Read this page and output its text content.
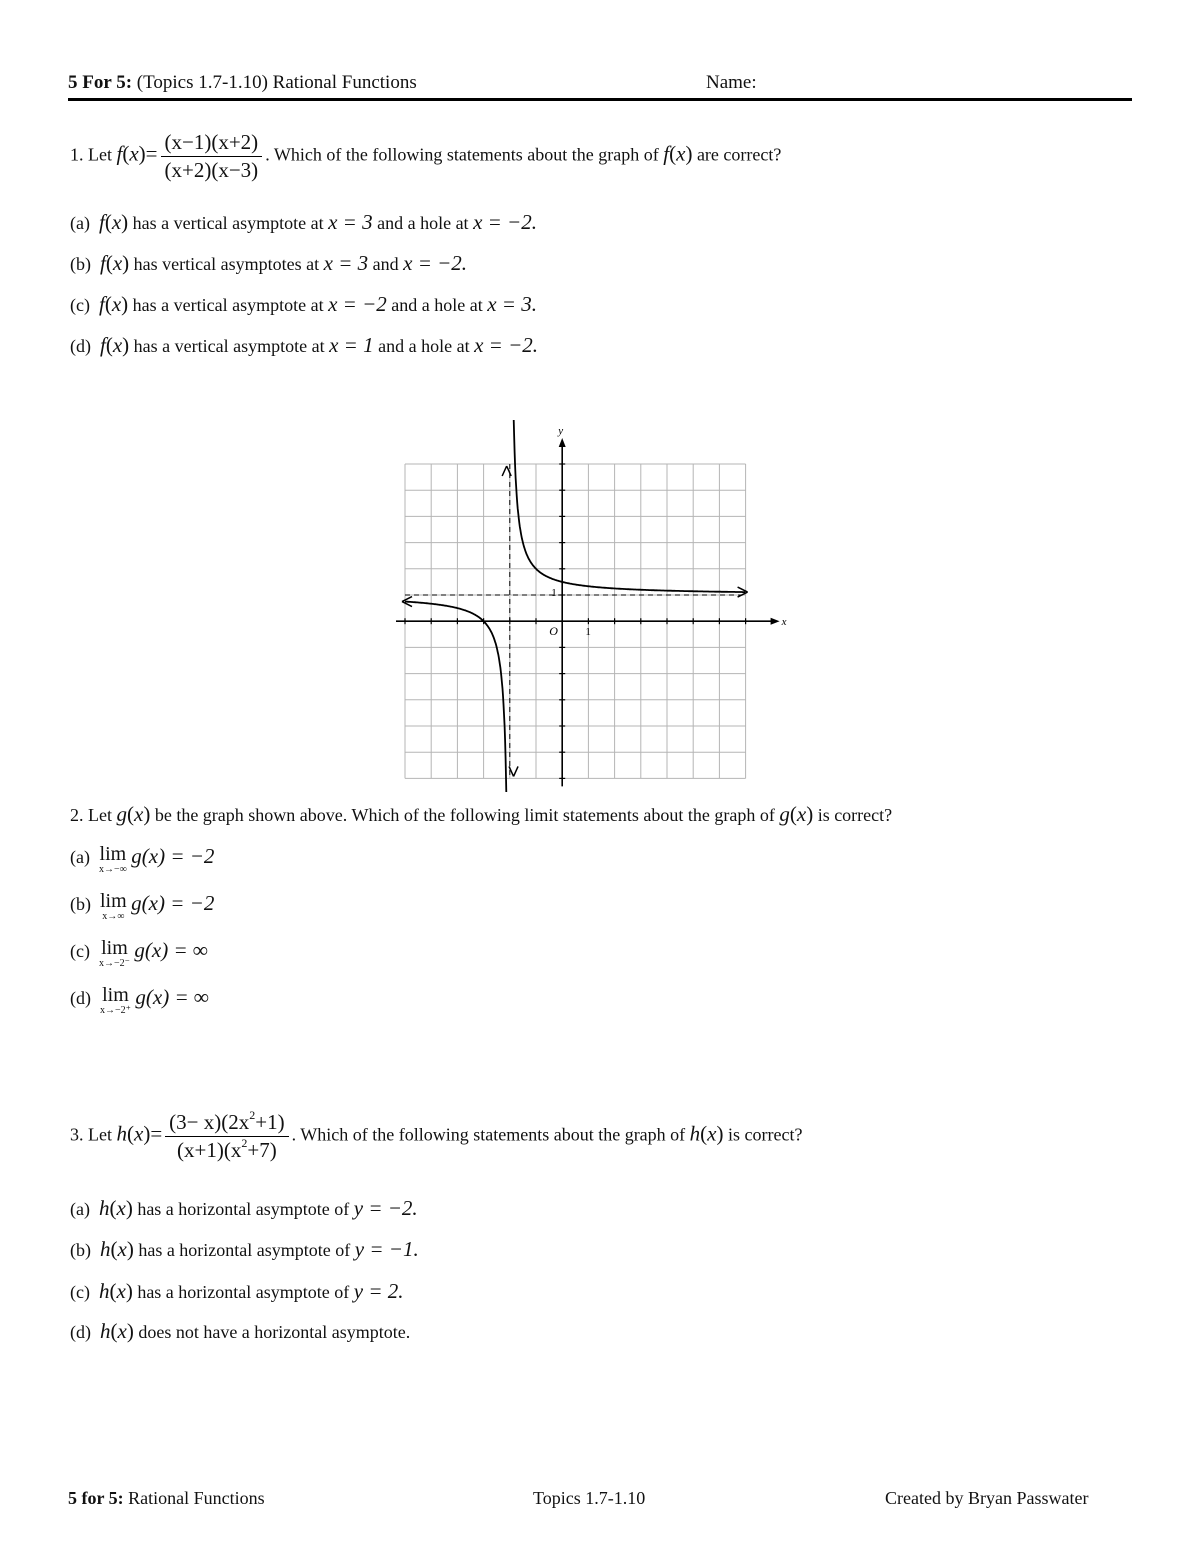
5 For 5: (Topics 1.7-1.10) Rational Functions	Name:
1. Let $f(x)= \frac{(x-1)(x+2)}{(x+2)(x-3)}$ . Which of the following statements about the graph of f(x) are correct?
(a) f(x) has a vertical asymptote at x = 3 and a hole at x = −2.
(b) f(x) has vertical asymptotes at x = 3 and x = −2.
(c) f(x) has a vertical asymptote at x = −2 and a hole at x = 3.
(d) f(x) has a vertical asymptote at x = 1 and a hole at x = −2.
y
x
O	1
1
2. Let g(x) be the graph shown above. Which of the following limit statements about the graph of g(x) is correct?
(a) lim
x→−∞
g(x) = −2
(b) lim
x→∞
g(x) = −2
(c) lim
x→−2⁻
g(x) = ∞
(d) lim
x→−2⁺
g(x) = ∞
3. Let $h(x)= \frac{(3- x)(2x^2+1)}{(x+1)(x^2+7)}$ . Which of the following statements about the graph of h(x) is correct?
(a) h(x) has a horizontal asymptote of y = −2.
(b) h(x) has a horizontal asymptote of y = −1.
(c) h(x) has a horizontal asymptote of y = 2.
(d) h(x) does not have a horizontal asymptote.
5 for 5: Rational Functions	Topics 1.7-1.10	Created by Bryan Passwater
